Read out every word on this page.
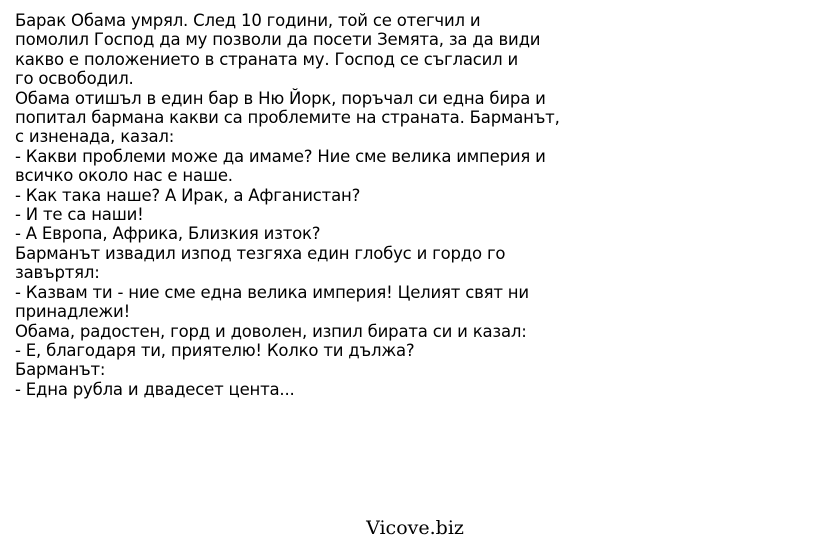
Барак Обама умрял. След 10 години, той се отегчил и
помолил Господ да му позволи да посети Земята, за да види
какво е положението в страната му. Господ се съгласил и
го освободил.
Обама отишъл в един бар в Ню Йорк, поръчал си една бира и
попитал бармана какви са проблемите на страната. Барманът,
с изненада, казал:
- Какви проблеми може да имаме? Ние сме велика империя и
всичко около нас е наше.
- Как така наше? А Ирак, а Афганистан?
- И те са наши!
- А Европа, Африка, Близкия изток?
Барманът извадил изпод тезгяха един глобус и гордо го
завъртял:
- Казвам ти - ние сме една велика империя! Целият свят ни
принадлежи!
Обама, радостен, горд и доволен, изпил бирата си и казал:
- Е, благодаря ти, приятелю! Колко ти дължа?
Барманът:
- Една рубла и двадесет цента...
Vicove.biz
